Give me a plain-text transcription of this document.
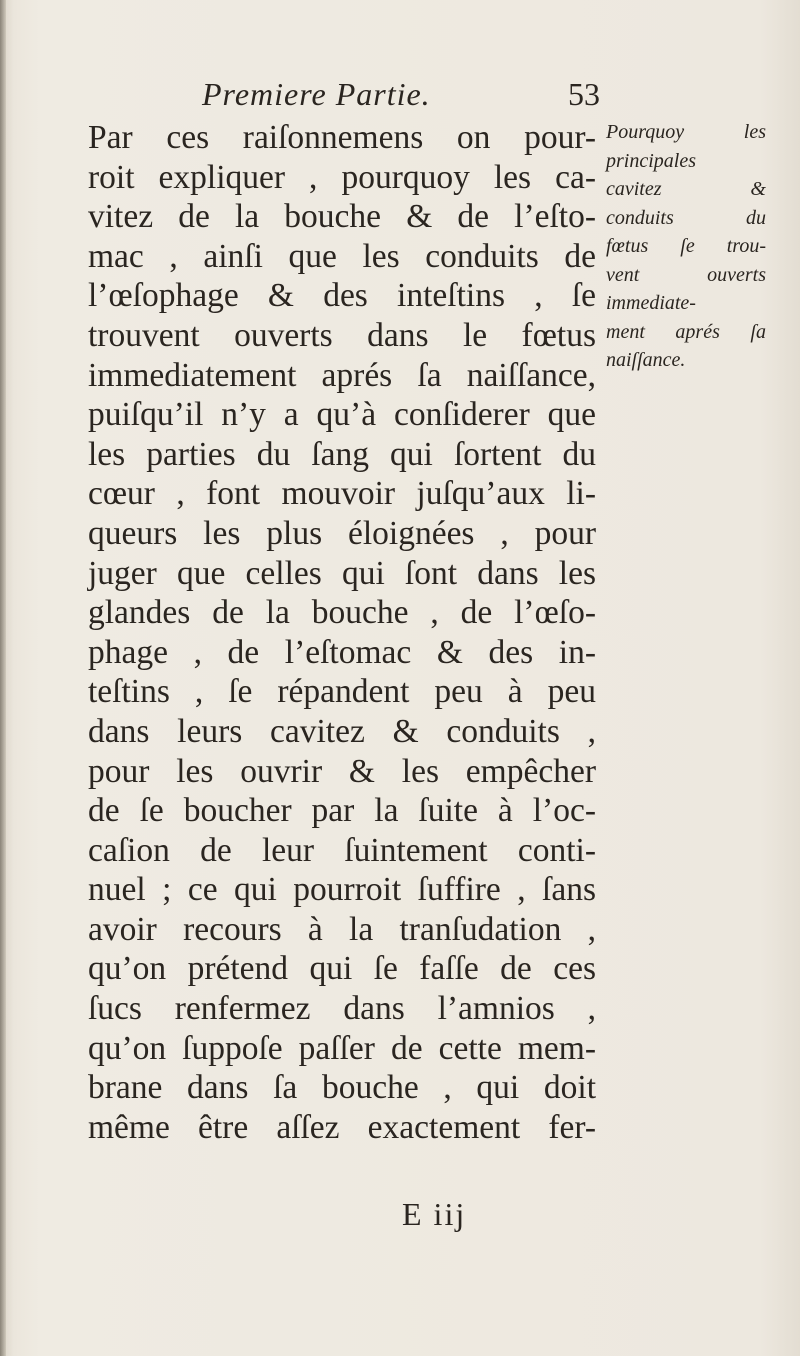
Premiere Partie.	53
Par ces raiſonnemens on pour-
roit expliquer , pourquoy les ca-
vitez de la bouche & de l’eſto-
mac , ainſi que les conduits de
l’œſophage & des inteſtins , ſe
trouvent ouverts dans le fœtus
immediatement aprés ſa naiſſance,
puiſqu’il n’y a qu’à conſiderer que
les parties du ſang qui ſortent du
cœur , font mouvoir juſqu’aux li-
queurs les plus éloignées , pour
juger que celles qui ſont dans les
glandes de la bouche , de l’œſo-
phage , de l’eſtomac & des in-
teſtins , ſe répandent peu à peu
dans leurs cavitez & conduits ,
pour les ouvrir & les empêcher
de ſe boucher par la ſuite à l’oc-
caſion de leur ſuintement conti-
nuel ; ce qui pourroit ſuffire , ſans
avoir recours à la tranſudation ,
qu’on prétend qui ſe faſſe de ces
ſucs renfermez dans l’amnios ,
qu’on ſuppoſe paſſer de cette mem-
brane dans ſa bouche , qui doit
même être aſſez exactement fer-
Pourquoy les
principales
cavitez &
conduits du
fœtus ſe trou-
vent ouverts
immediate-
ment aprés ſa
naiſſance.
E iij
